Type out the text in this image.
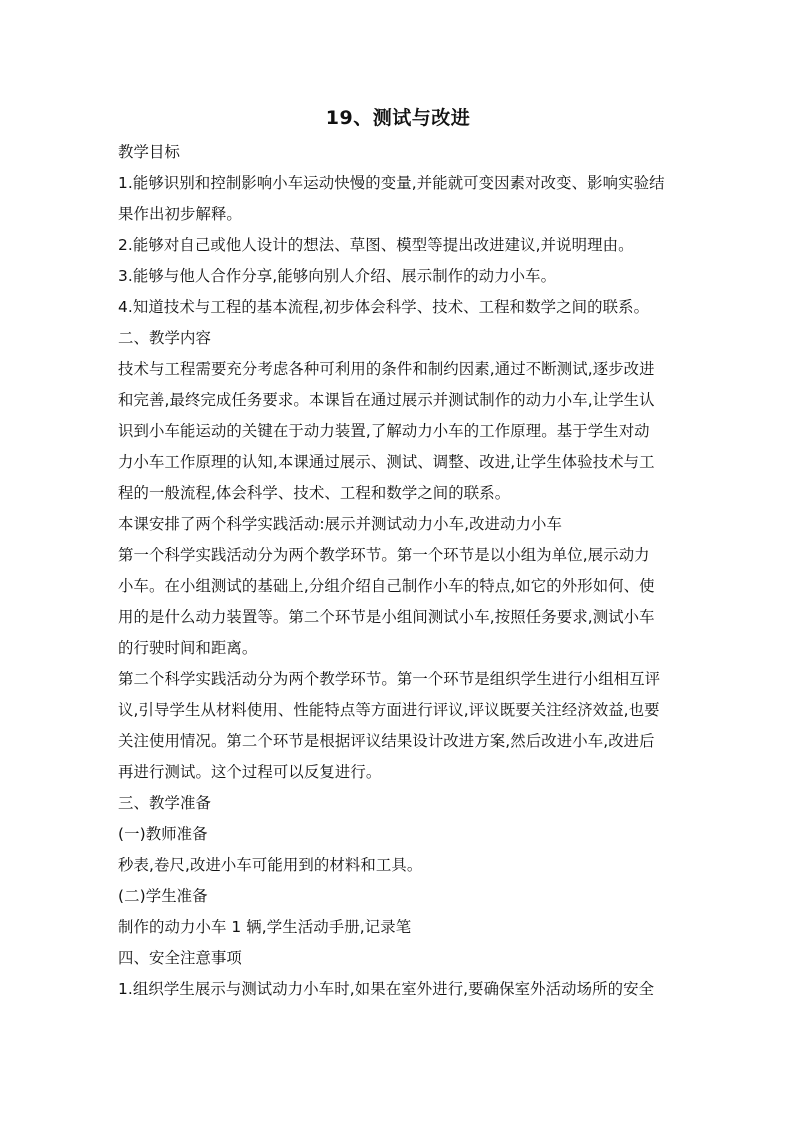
19、测试与改进

教学目标

1.能够识别和控制影响小车运动快慢的变量,并能就可变因素对改变、影响实验结

果作出初步解释。

2.能够对自己或他人设计的想法、草图、模型等提出改进建议,并说明理由。

3.能够与他人合作分享,能够向别人介绍、展示制作的动力小车。

4.知道技术与工程的基本流程,初步体会科学、技术、工程和数学之间的联系。

二、教学内容

技术与工程需要充分考虑各种可利用的条件和制约因素,通过不断测试,逐步改进

和完善,最终完成任务要求。本课旨在通过展示并测试制作的动力小车,让学生认

识到小车能运动的关键在于动力装置,了解动力小车的工作原理。基于学生对动

力小车工作原理的认知,本课通过展示、测试、调整、改进,让学生体验技术与工

程的一般流程,体会科学、技术、工程和数学之间的联系。

本课安排了两个科学实践活动:展示并测试动力小车,改进动力小车

第一个科学实践活动分为两个教学环节。第一个环节是以小组为单位,展示动力

小车。在小组测试的基础上,分组介绍自己制作小车的特点,如它的外形如何、使

用的是什么动力装置等。第二个环节是小组间测试小车,按照任务要求,测试小车

的行驶时间和距离。

第二个科学实践活动分为两个教学环节。第一个环节是组织学生进行小组相互评

议,引导学生从材料使用、性能特点等方面进行评议,评议既要关注经济效益,也要

关注使用情况。第二个环节是根据评议结果设计改进方案,然后改进小车,改进后

再进行测试。这个过程可以反复进行。

三、教学准备

(一)教师准备

秒表,卷尺,改进小车可能用到的材料和工具。

(二)学生准备

制作的动力小车 1 辆,学生活动手册,记录笔

四、安全注意事项

1.组织学生展示与测试动力小车时,如果在室外进行,要确保室外活动场所的安全
